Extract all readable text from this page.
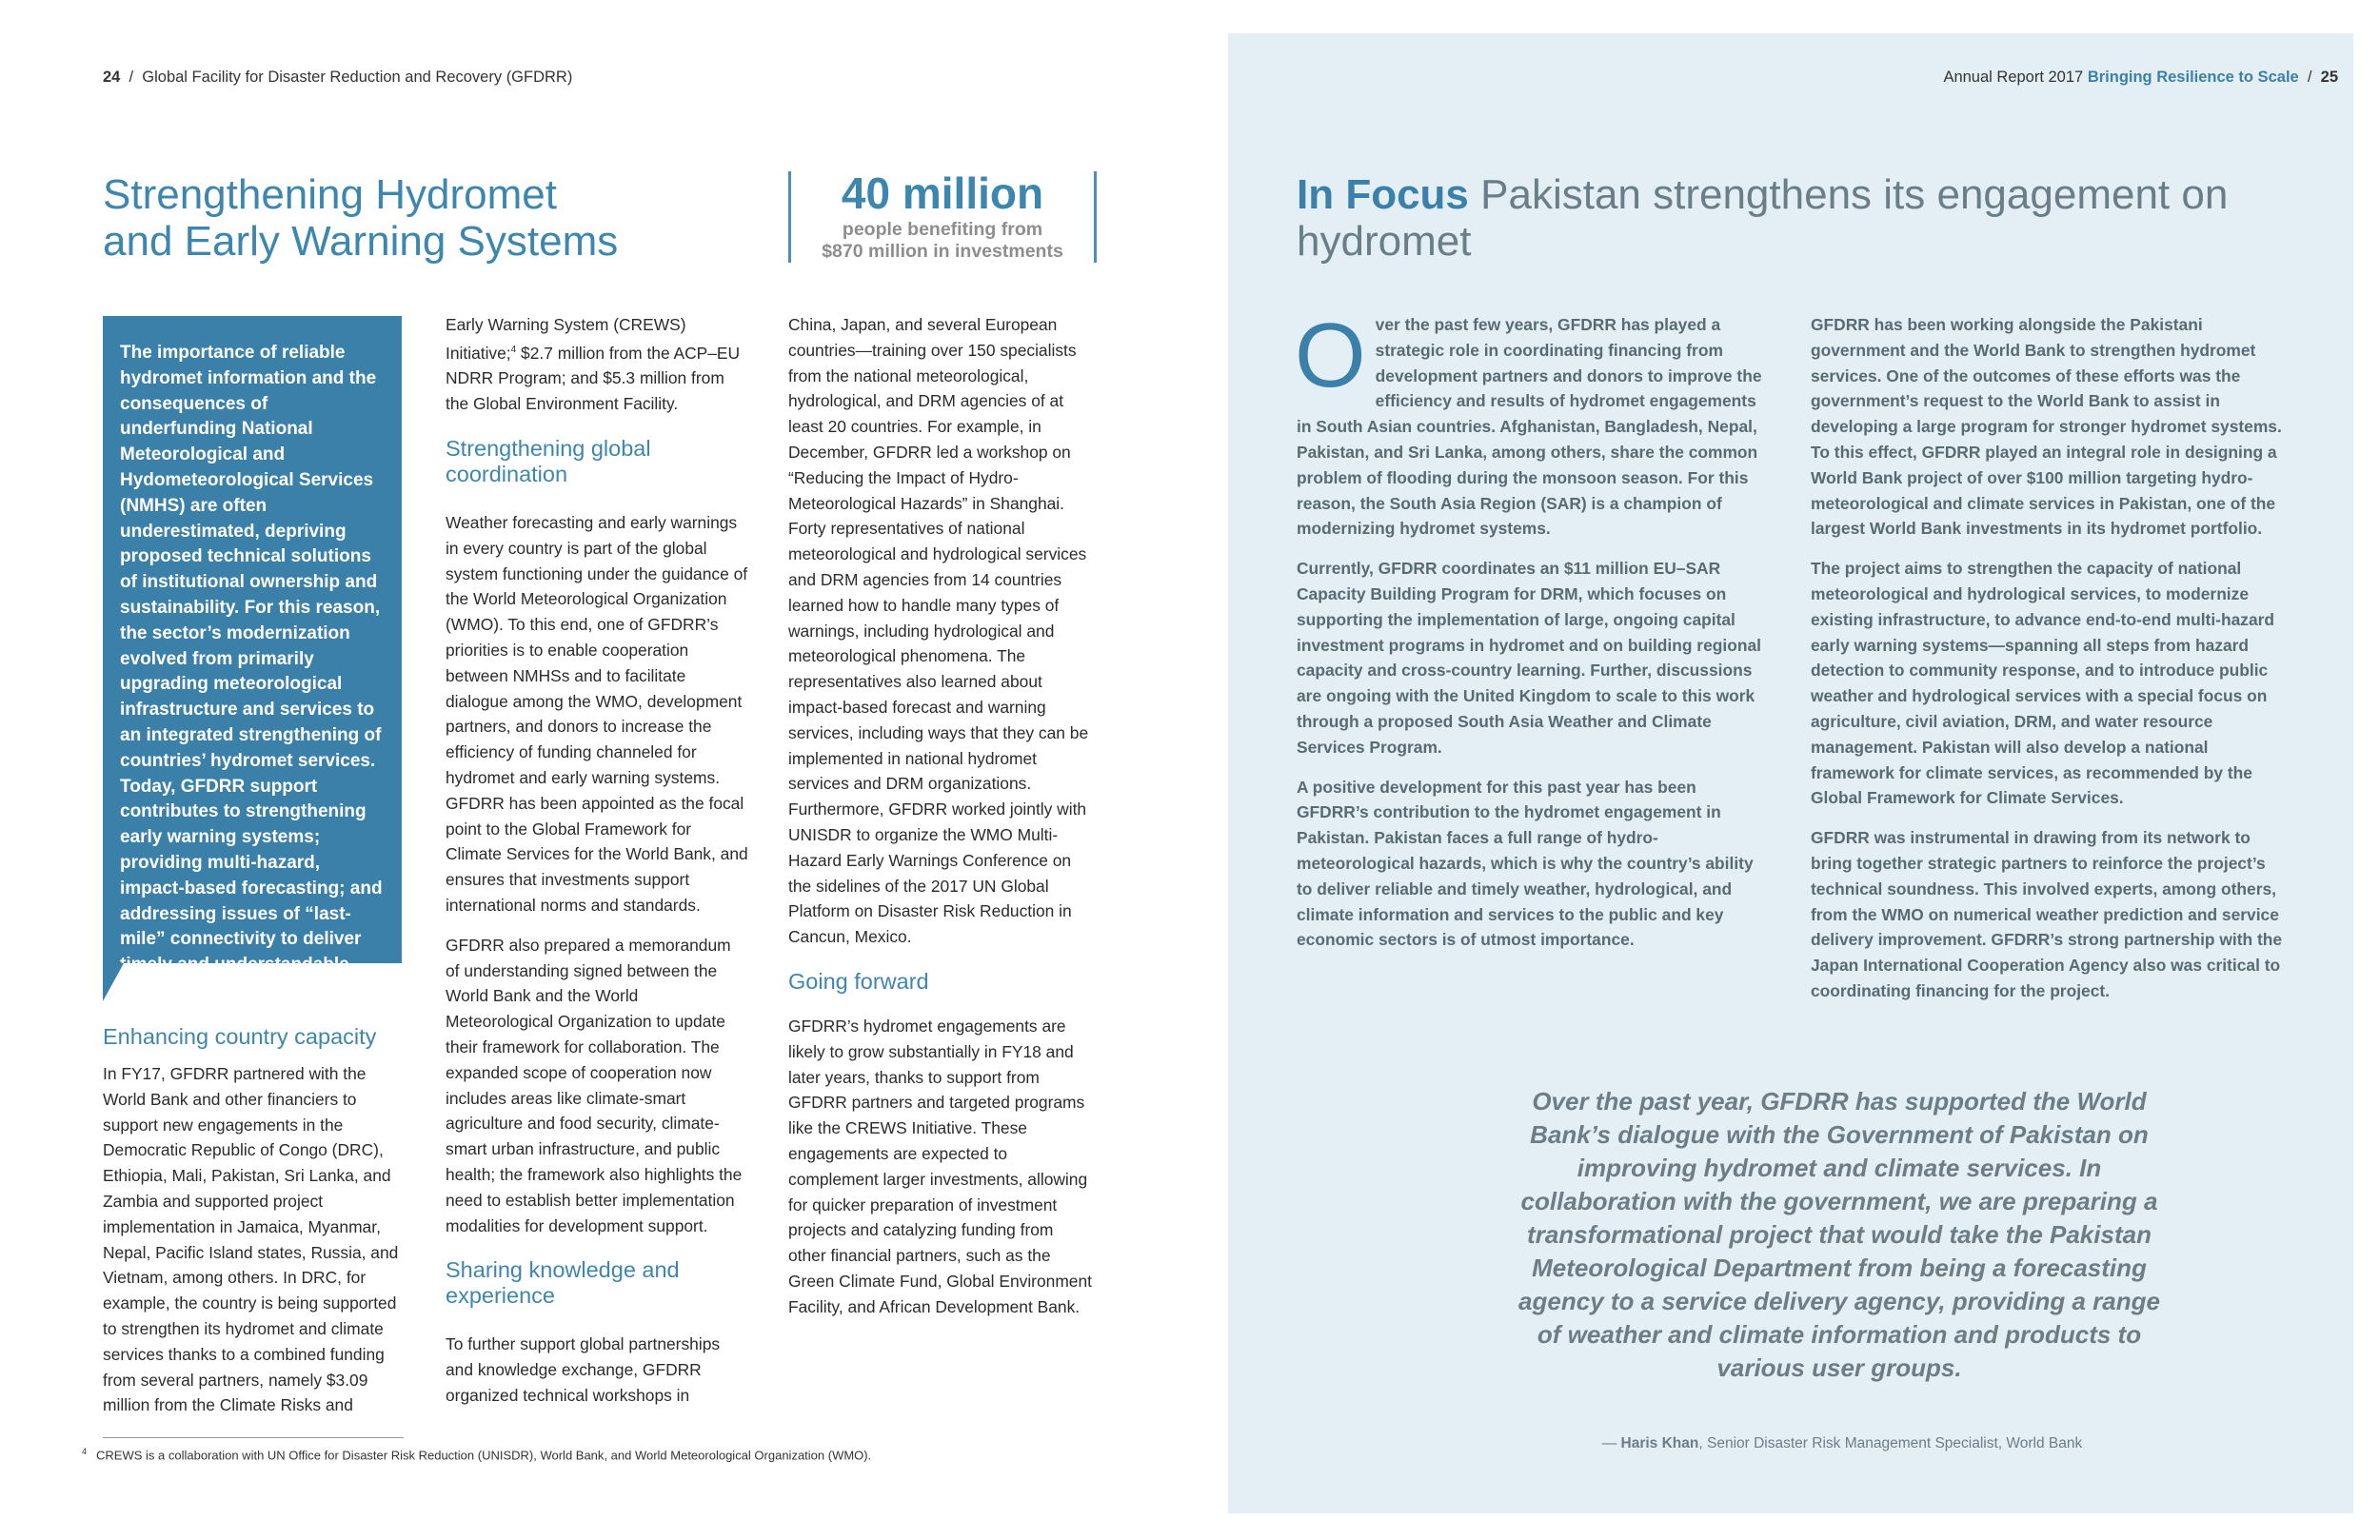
24  /  Global Facility for Disaster Reduction and Recovery (GFDRR)
Strengthening Hydromet
and Early Warning Systems
40 million
people benefiting from
$870 million in investments
The importance of reliable hydromet information and the consequences of underfunding National Meteorological and Hydometeorological Services (NMHS) are often underestimated, depriving proposed technical solutions of institutional ownership and sustainability. For this reason, the sector’s modernization evolved from primarily upgrading meteorological infrastructure and services to an integrated strengthening of countries’ hydromet services. Today, GFDRR support contributes to strengthening early warning systems; providing multi-hazard, impact-based forecasting; and addressing issues of “last-mile” connectivity to deliver timely and understandable information to vulnerable communities.
Enhancing country capacity

In FY17, GFDRR partnered with the World Bank and other financiers to support new engagements in the Democratic Republic of Congo (DRC), Ethiopia, Mali, Pakistan, Sri Lanka, and Zambia and supported project implementation in Jamaica, Myanmar, Nepal, Pacific Island states, Russia, and Vietnam, among others. In DRC, for example, the country is being supported to strengthen its hydromet and climate services thanks to a combined funding from several partners, namely $3.09 million from the Climate Risks and

Early Warning System (CREWS) Initiative;$^4$ $2.7 million from the ACP–EU NDRR Program; and $5.3 million from the Global Environment Facility.

Strengthening global coordination

Weather forecasting and early warnings in every country is part of the global system functioning under the guidance of the World Meteorological Organization (WMO). To this end, one of GFDRR’s priorities is to enable cooperation between NMHSs and to facilitate dialogue among the WMO, development partners, and donors to increase the efficiency of funding channeled for hydromet and early warning systems. GFDRR has been appointed as the focal point to the Global Framework for Climate Services for the World Bank, and ensures that investments support international norms and standards.

GFDRR also prepared a memorandum of understanding signed between the World Bank and the World Meteorological Organization to update their framework for collaboration. The expanded scope of cooperation now includes areas like climate-smart agriculture and food security, climate-smart urban infrastructure, and public health; the framework also highlights the need to establish better implementation modalities for development support.

Sharing knowledge and experience

To further support global partnerships and knowledge exchange, GFDRR organized technical workshops in

China, Japan, and several European countries—training over 150 specialists from the national meteorological, hydrological, and DRM agencies of at least 20 countries. For example, in December, GFDRR led a workshop on “Reducing the Impact of Hydro-Meteorological Hazards” in Shanghai. Forty representatives of national meteorological and hydrological services and DRM agencies from 14 countries learned how to handle many types of warnings, including hydrological and meteorological phenomena. The representatives also learned about impact-based forecast and warning services, including ways that they can be implemented in national hydromet services and DRM organizations. Furthermore, GFDRR worked jointly with UNISDR to organize the WMO Multi-Hazard Early Warnings Conference on the sidelines of the 2017 UN Global Platform on Disaster Risk Reduction in Cancun, Mexico.

Going forward

GFDRR’s hydromet engagements are likely to grow substantially in FY18 and later years, thanks to support from GFDRR partners and targeted programs like the CREWS Initiative. These engagements are expected to complement larger investments, allowing for quicker preparation of investment projects and catalyzing funding from other financial partners, such as the Green Climate Fund, Global Environment Facility, and African Development Bank.

$^4$ CREWS is a collaboration with UN Office for Disaster Risk Reduction (UNISDR), World Bank, and World Meteorological Organization (WMO).
Annual Report 2017 Bringing Resilience to Scale  /  25
In Focus Pakistan strengthens its engagement on hydromet

Over the past few years, GFDRR has played a strategic role in coordinating financing from development partners and donors to improve the efficiency and results of hydromet engagements in South Asian countries. Afghanistan, Bangladesh, Nepal, Pakistan, and Sri Lanka, among others, share the common problem of flooding during the monsoon season. For this reason, the South Asia Region (SAR) is a champion of modernizing hydromet systems.

Currently, GFDRR coordinates an $11 million EU–SAR Capacity Building Program for DRM, which focuses on supporting the implementation of large, ongoing capital investment programs in hydromet and on building regional capacity and cross-country learning. Further, discussions are ongoing with the United Kingdom to scale to this work through a proposed South Asia Weather and Climate Services Program.

A positive development for this past year has been GFDRR’s contribution to the hydromet engagement in Pakistan. Pakistan faces a full range of hydro-meteorological hazards, which is why the country’s ability to deliver reliable and timely weather, hydrological, and climate information and services to the public and key economic sectors is of utmost importance.

GFDRR has been working alongside the Pakistani government and the World Bank to strengthen hydromet services. One of the outcomes of these efforts was the government’s request to the World Bank to assist in developing a large program for stronger hydromet systems. To this effect, GFDRR played an integral role in designing a World Bank project of over $100 million targeting hydro-meteorological and climate services in Pakistan, one of the largest World Bank investments in its hydromet portfolio.

The project aims to strengthen the capacity of national meteorological and hydrological services, to modernize existing infrastructure, to advance end-to-end multi-hazard early warning systems—spanning all steps from hazard detection to community response, and to introduce public weather and hydrological services with a special focus on agriculture, civil aviation, DRM, and water resource management. Pakistan will also develop a national framework for climate services, as recommended by the Global Framework for Climate Services.

GFDRR was instrumental in drawing from its network to bring together strategic partners to reinforce the project’s technical soundness. This involved experts, among others, from the WMO on numerical weather prediction and service delivery improvement. GFDRR’s strong partnership with the Japan International Cooperation Agency also was critical to coordinating financing for the project.

Over the past year, GFDRR has supported the World Bank’s dialogue with the Government of Pakistan on improving hydromet and climate services. In collaboration with the government, we are preparing a transformational project that would take the Pakistan Meteorological Department from being a forecasting agency to a service delivery agency, providing a range of weather and climate information and products to various user groups.
— Haris Khan, Senior Disaster Risk Management Specialist, World Bank
